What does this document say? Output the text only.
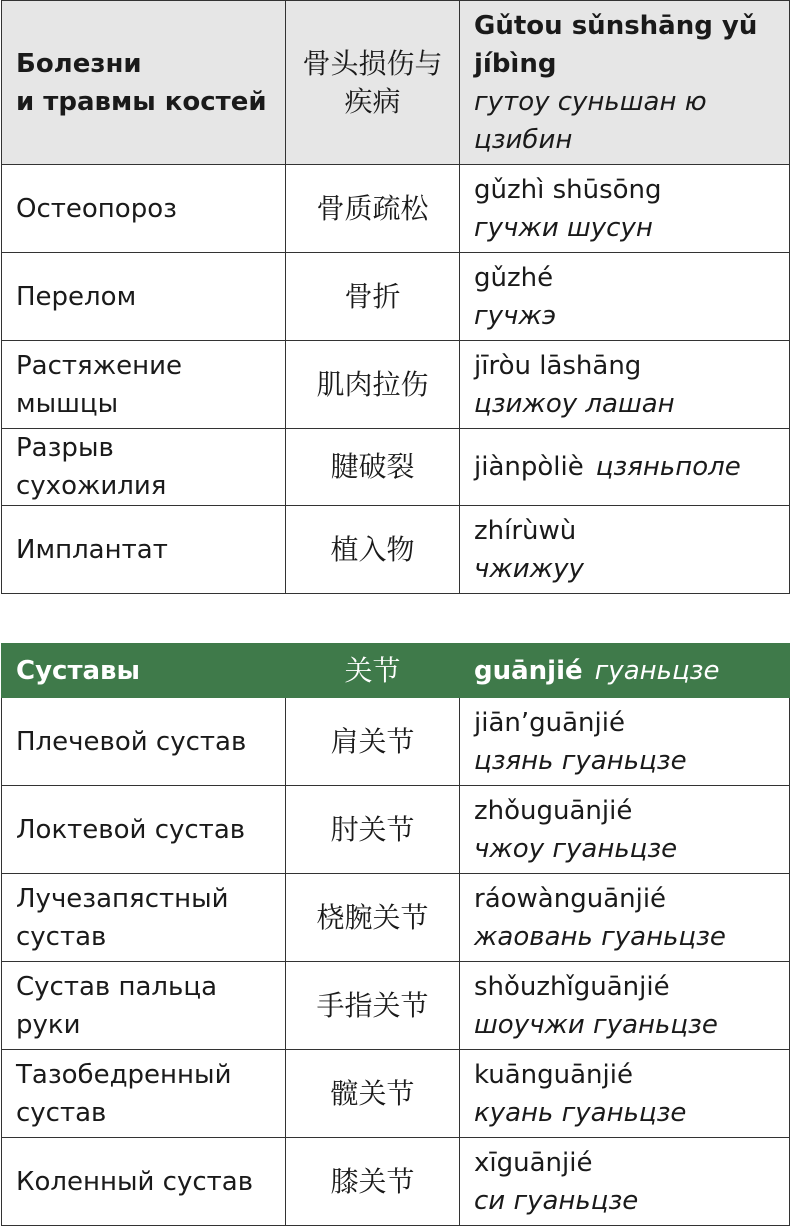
Болезни
и травмы костей	骨头损伤与疾病	Gǔtou sǔnshāng yǔ jíbìng
гутоу суньшан ю цзибин

Остеопороз	骨质疏松	gǔzhì shūsōng
гучжи шусун

Перелом	骨折	gǔzhé
гучжэ

Растяжение мышцы	肌肉拉伤	jīròu lāshāng
цзижоу лашан

Разрыв сухожилия	腱破裂	jiànpòliè цзяньполе
Имплантат	植入物	zhírùwù
чжижуу
Суставы	关节	guānjié гуаньцзе
Плечевой сустав	肩关节	jiān’guānjié
цзянь гуаньцзе

Локтевой сустав	肘关节	zhǒuguānjié
чжоу гуаньцзе

Лучезапястный сустав	桡腕关节	ráowànguānjié
жаовань гуаньцзе

Сустав пальца руки	手指关节	shǒuzhǐguānjié
шоучжи гуаньцзе

Тазобедренный сустав	髋关节	kuānguānjié
куань гуаньцзе

Коленный сустав	膝关节	xīguānjié
си гуаньцзе
